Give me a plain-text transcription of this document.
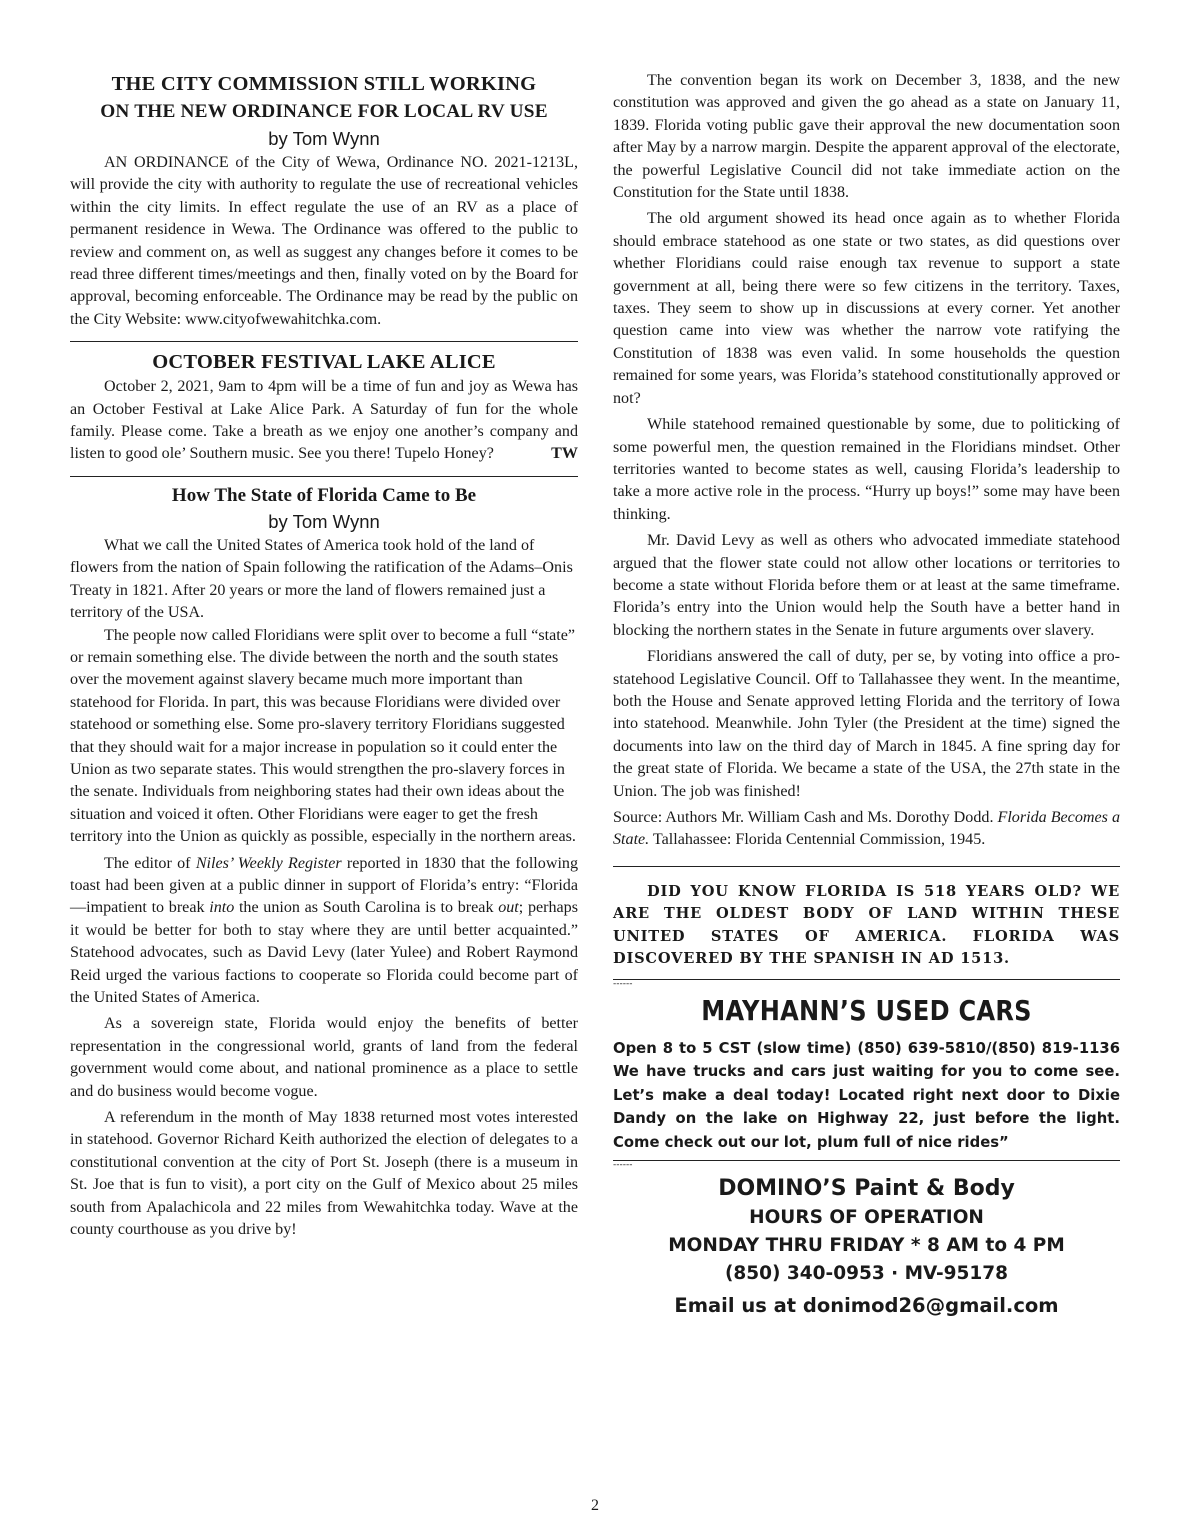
THE CITY COMMISSION STILL WORKING
ON THE NEW ORDINANCE FOR LOCAL RV USE
by Tom Wynn

AN ORDINANCE of the City of Wewa, Ordinance NO. 2021-1213L, will provide the city with authority to regulate the use of recreational vehicles within the city limits. In effect regulate the use of an RV as a place of permanent residence in Wewa. The Ordinance was offered to the public to review and comment on, as well as suggest any changes before it comes to be read three different times/meetings and then, finally voted on by the Board for approval, becoming enforceable. The Ordinance may be read by the public on the City Website: www.cityofwewahitchka.com.

OCTOBER FESTIVAL LAKE ALICE

October 2, 2021, 9am to 4pm will be a time of fun and joy as Wewa has an October Festival at Lake Alice Park. A Saturday of fun for the whole family. Please come. Take a breath as we enjoy one another’s company and listen to good ole’ Southern music. See you there! Tupelo Honey?	TW

How The State of Florida Came to Be
by Tom Wynn

What we call the United States of America took hold of the land of flowers from the nation of Spain following the ratification of the Adams–Onis Treaty in 1821. After 20 years or more the land of flowers remained just a territory of the USA.

The people now called Floridians were split over to become a full “state” or remain something else. The divide between the north and the south states over the movement against slavery became much more important than statehood for Florida. In part, this was because Floridians were divided over statehood or something else. Some pro-slavery territory Floridians suggested that they should wait for a major increase in population so it could enter the Union as two separate states. This would strengthen the pro-slavery forces in the senate. Individuals from neighboring states had their own ideas about the situation and voiced it often. Other Floridians were eager to get the fresh territory into the Union as quickly as possible, especially in the northern areas.

The editor of Niles’ Weekly Register reported in 1830 that the following toast had been given at a public dinner in support of Florida’s entry: “Florida—impatient to break into the union as South Carolina is to break out; perhaps it would be better for both to stay where they are until better acquainted.” Statehood advocates, such as David Levy (later Yulee) and Robert Raymond Reid urged the various factions to cooperate so Florida could become part of the United States of America.

As a sovereign state, Florida would enjoy the benefits of better representation in the congressional world, grants of land from the federal government would come about, and national prominence as a place to settle and do business would become vogue.

A referendum in the month of May 1838 returned most votes interested in statehood. Governor Richard Keith authorized the election of delegates to a constitutional convention at the city of Port St. Joseph (there is a museum in St. Joe that is fun to visit), a port city on the Gulf of Mexico about 25 miles south from Apalachicola and 22 miles from Wewahitchka today. Wave at the county courthouse as you drive by!

The convention began its work on December 3, 1838, and the new constitution was approved and given the go ahead as a state on January 11, 1839. Florida voting public gave their approval the new documentation soon after May by a narrow margin. Despite the apparent approval of the electorate, the powerful Legislative Council did not take immediate action on the Constitution for the State until 1838.

The old argument showed its head once again as to whether Florida should embrace statehood as one state or two states, as did questions over whether Floridians could raise enough tax revenue to support a state government at all, being there were so few citizens in the territory. Taxes, taxes. They seem to show up in discussions at every corner. Yet another question came into view was whether the narrow vote ratifying the Constitution of 1838 was even valid. In some households the question remained for some years, was Florida’s statehood constitutionally approved or not?

While statehood remained questionable by some, due to politicking of some powerful men, the question remained in the Floridians mindset. Other territories wanted to become states as well, causing Florida’s leadership to take a more active role in the process. “Hurry up boys!” some may have been thinking.

Mr. David Levy as well as others who advocated immediate statehood argued that the flower state could not allow other locations or territories to become a state without Florida before them or at least at the same timeframe. Florida’s entry into the Union would help the South have a better hand in blocking the northern states in the Senate in future arguments over slavery.

Floridians answered the call of duty, per se, by voting into office a pro-statehood Legislative Council. Off to Tallahassee they went. In the meantime, both the House and Senate approved letting Florida and the territory of Iowa into statehood. Meanwhile. John Tyler (the President at the time) signed the documents into law on the third day of March in 1845. A fine spring day for the great state of Florida. We became a state of the USA, the 27th state in the Union. The job was finished!

Source: Authors Mr. William Cash and Ms. Dorothy Dodd. Florida Becomes a State. Tallahassee: Florida Centennial Commission, 1945.

DID YOU KNOW FLORIDA IS 518 YEARS OLD? WE ARE THE OLDEST BODY OF LAND WITHIN THESE UNITED STATES OF AMERICA. FLORIDA WAS DISCOVERED BY THE SPANISH IN AD 1513.

------
MAYHANN’S USED CARS

Open 8 to 5 CST (slow time) (850) 639-5810/(850) 819-1136 We have trucks and cars just waiting for you to come see. Let’s make a deal today! Located right next door to Dixie Dandy on the lake on Highway 22, just before the light. Come check out our lot, plum full of nice rides”

------
DOMINO’S Paint & Body
HOURS OF OPERATION
MONDAY THRU FRIDAY * 8 AM to 4 PM
(850) 340-0953 · MV-95178
Email us at donimod26@gmail.com
2
